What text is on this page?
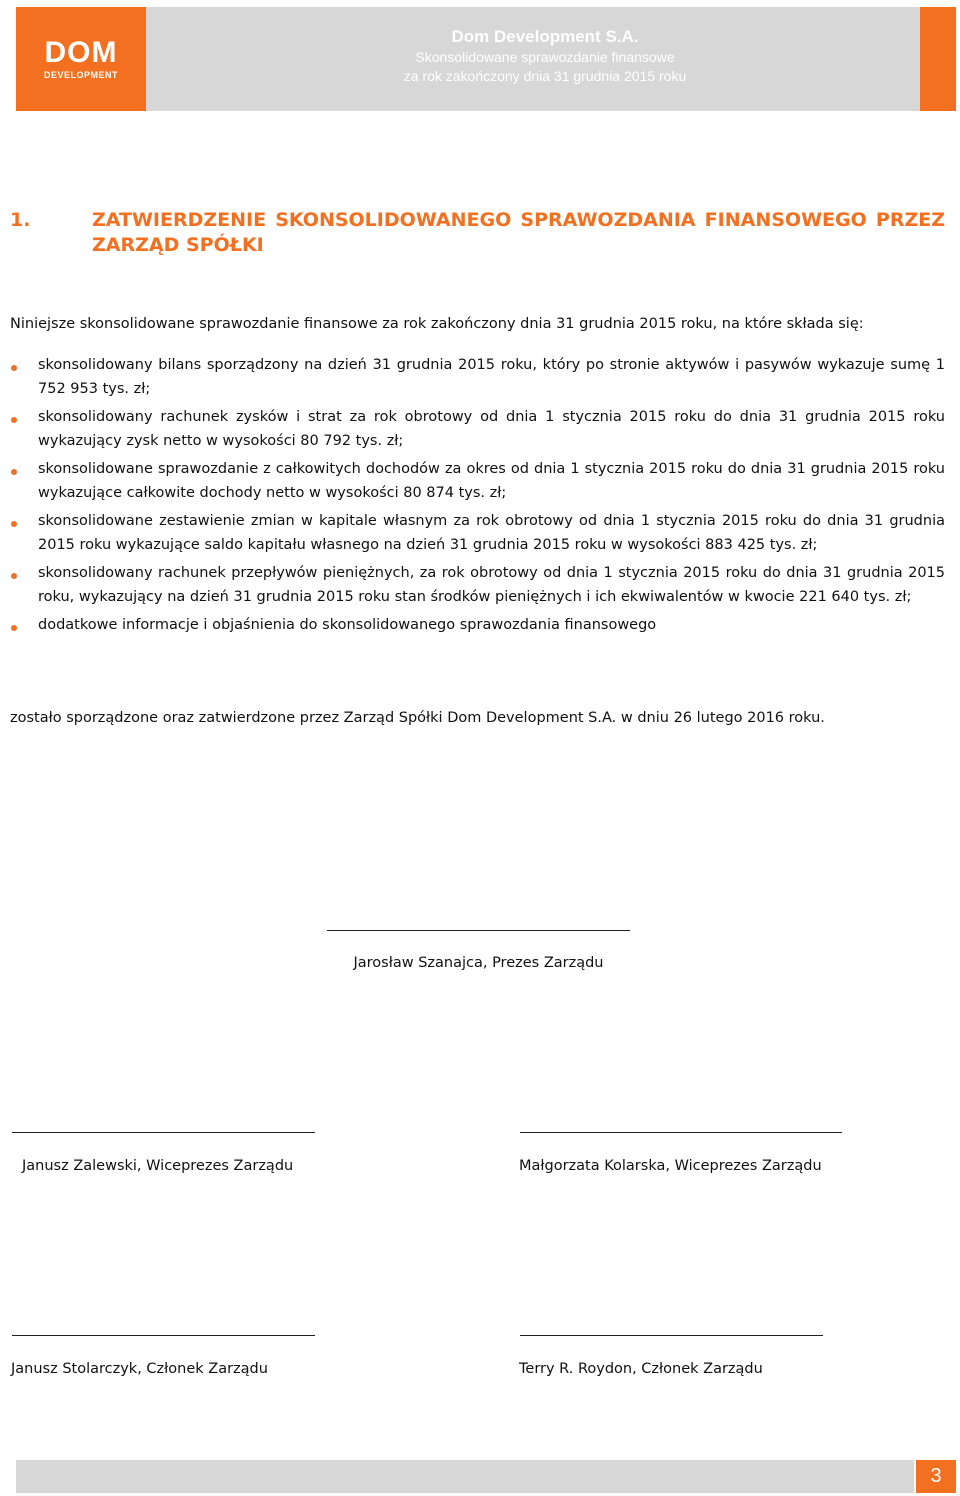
DOM
DEVELOPMENT
Dom Development S.A.
Skonsolidowane sprawozdanie finansowe
za rok zakończony dnia 31 grudnia 2015 roku
1.	ZATWIERDZENIE SKONSOLIDOWANEGO SPRAWOZDANIA FINANSOWEGO PRZEZ ZARZĄD SPÓŁKI
Niniejsze skonsolidowane sprawozdanie finansowe za rok zakończony dnia 31 grudnia 2015 roku, na które składa się:
skonsolidowany bilans sporządzony na dzień 31 grudnia 2015 roku, który po stronie aktywów i pasywów wykazuje sumę 1 752 953 tys. zł;
skonsolidowany rachunek zysków i strat za rok obrotowy od dnia 1 stycznia 2015 roku do dnia 31 grudnia 2015 roku wykazujący zysk netto w wysokości 80 792 tys. zł;
skonsolidowane sprawozdanie z całkowitych dochodów za okres od dnia 1 stycznia 2015 roku do dnia 31 grudnia 2015 roku wykazujące całkowite dochody netto w wysokości 80 874 tys. zł;
skonsolidowane zestawienie zmian w kapitale własnym za rok obrotowy od dnia 1 stycznia 2015 roku do dnia 31 grudnia 2015 roku wykazujące saldo kapitału własnego na dzień 31 grudnia 2015 roku w wysokości 883 425 tys. zł;
skonsolidowany rachunek przepływów pieniężnych, za rok obrotowy od dnia 1 stycznia 2015 roku do dnia 31 grudnia 2015 roku, wykazujący na dzień 31 grudnia 2015 roku stan środków pieniężnych i ich ekwiwalentów w kwocie 221 640 tys. zł;
dodatkowe informacje i objaśnienia do skonsolidowanego sprawozdania finansowego
zostało sporządzone oraz zatwierdzone przez Zarząd Spółki Dom Development S.A. w dniu 26 lutego 2016 roku.
Jarosław Szanajca, Prezes Zarządu
Janusz Zalewski, Wiceprezes Zarządu	Małgorzata Kolarska, Wiceprezes Zarządu
Janusz Stolarczyk, Członek Zarządu	Terry R. Roydon, Członek Zarządu
3
